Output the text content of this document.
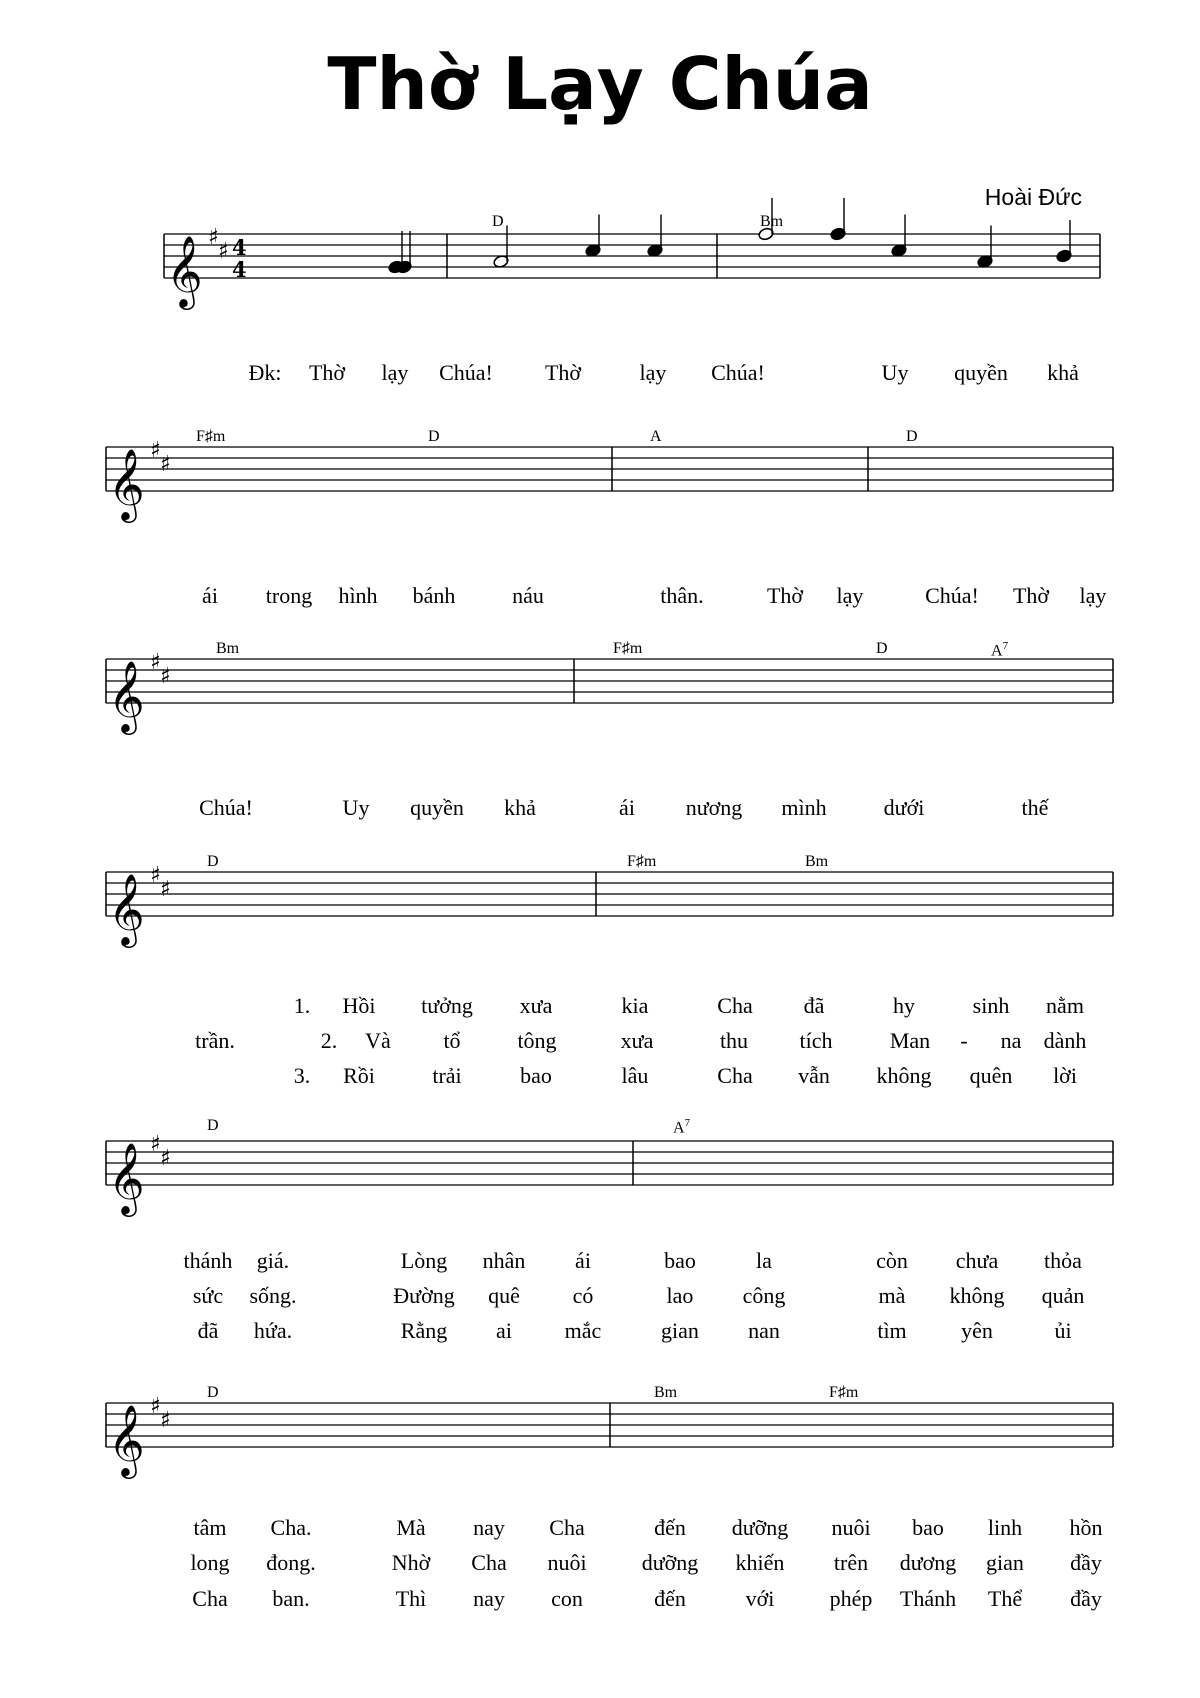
Thờ Lạy Chúa
Hoài Đức
𝄞 ♯
♯ 4
4
𝄞 ♯
♯
𝄞 ♯
♯
𝄞 ♯
♯
𝄞 ♯
♯
𝄞 ♯
♯
D	Bm
Đk: Thờ lạy Chúa! Thờ	lạy Chúa!	Uy quyền khả
F♯m	D	A	D
ái trong hình bánh	náu	thân.	Thờ lạy	Chúa! Thờ lạy
Bm	F♯m	D	$A^7$
Chúa!	Uy quyền khả	ái nương mình	dưới	thế
D	F♯m	Bm
1. Hồi tưởng xưa	kia	Cha đã	hy	sinh nằm
trần.	2. Và tổ	tông	xưa	thu tích	Man - na dành
3. Rồi	trải	bao	lâu	Cha vẫn không quên lời
D	$A^7$
thánh giá.	Lòng nhân ái	bao	la	còn chưa thỏa
sức sống.	Đường quê có	lao công	mà không quản
đã hứa.	Rằng ai mắc	gian nan	tìm yên	ủi
D	Bm	F♯m
tâm Cha.	Mà nay Cha	đến dưỡng nuôi bao linh hồn
long đong.	Nhờ Cha nuôi	dưỡng khiến trên dương gian đầy
Cha ban.	Thì nay con	đến	với	phép Thánh Thể đầy
